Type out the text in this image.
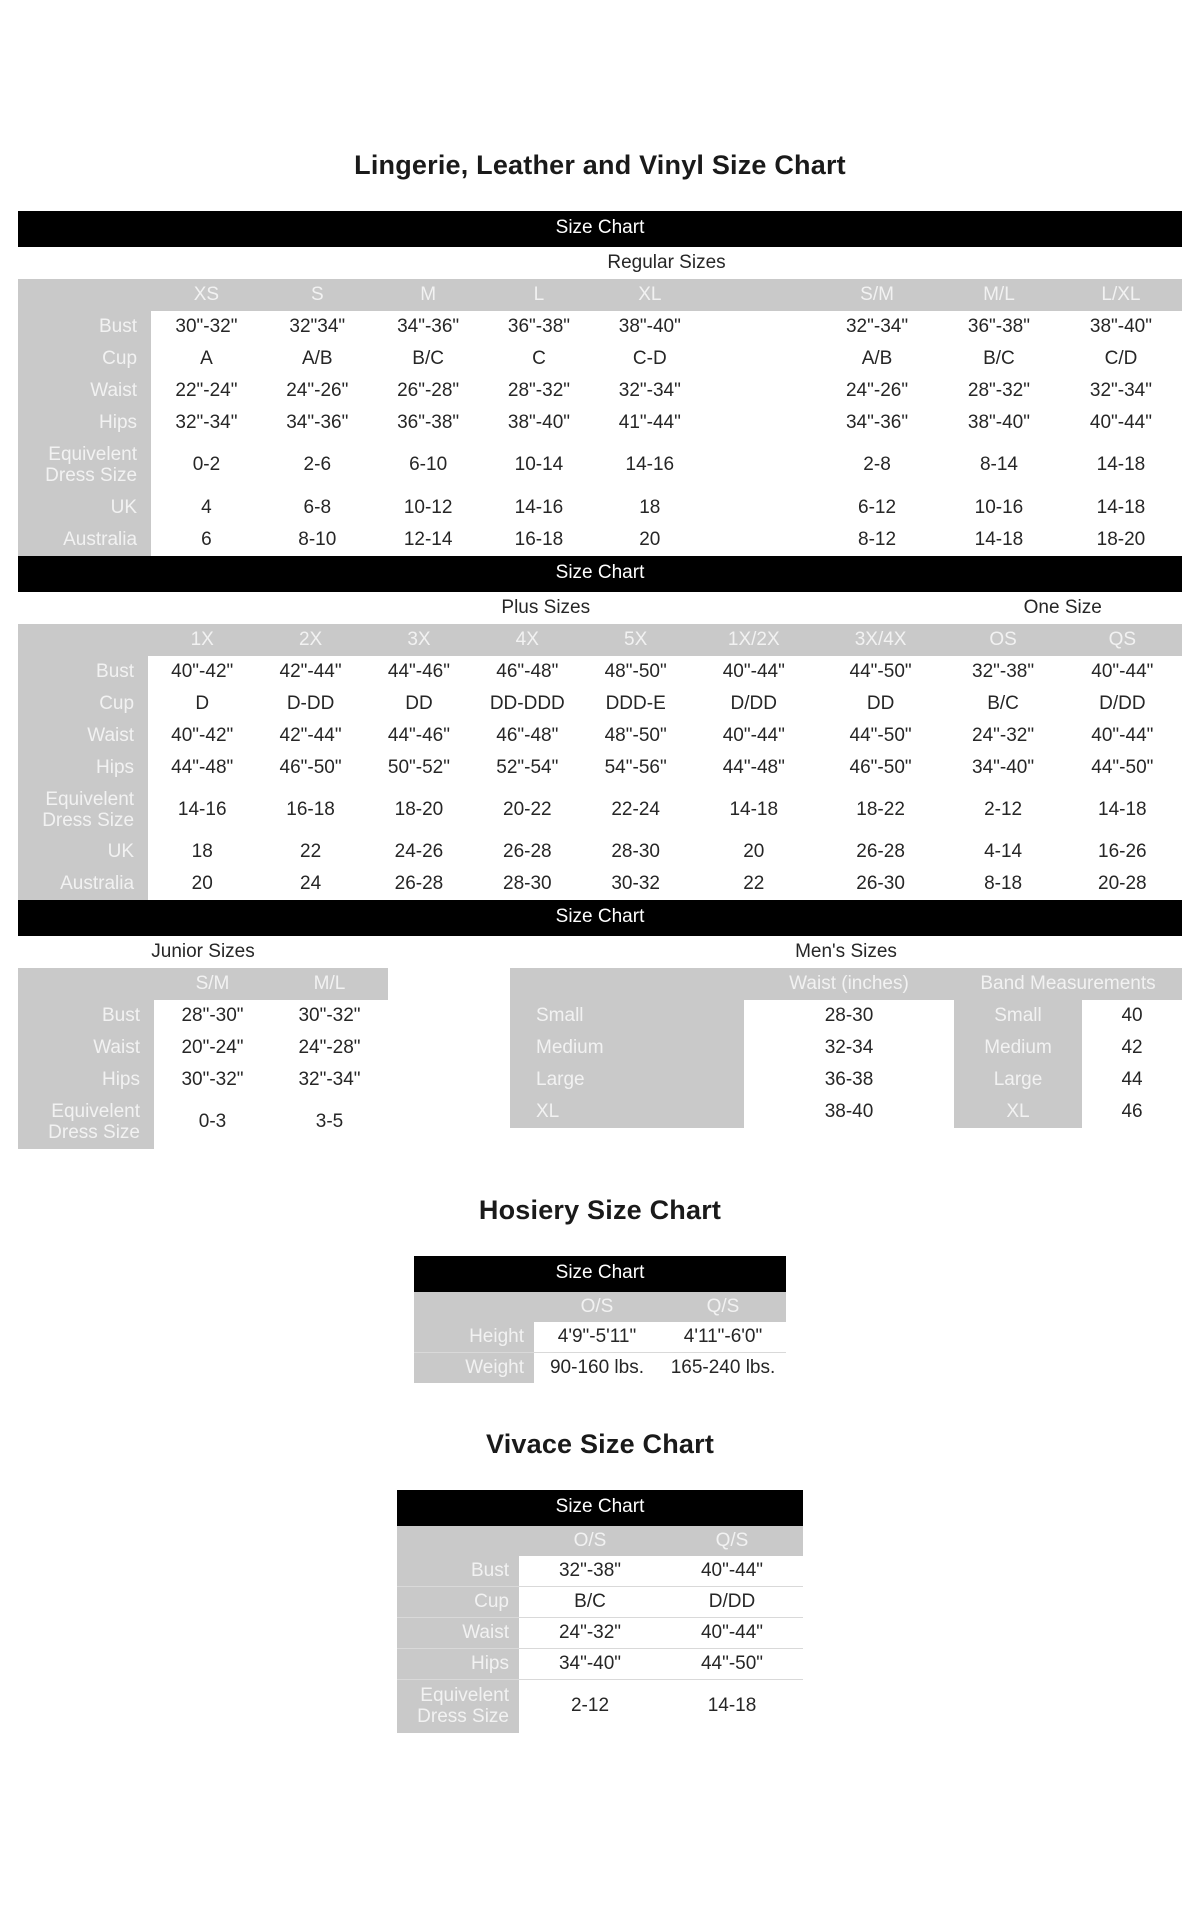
Lingerie, Leather and Vinyl Size Chart
Size Chart
	Regular Sizes								
	XS	S	M	L	XL		S/M	M/L	L/XL
Bust	30"-32"	32"34"	34"-36"	36"-38"	38"-40"		32"-34"	36"-38"	38"-40"
Cup	A	A/B	B/C	C	C-D		A/B	B/C	C/D
Waist	22"-24"	24"-26"	26"-28"	28"-32"	32"-34"		24"-26"	28"-32"	32"-34"
Hips	32"-34"	34"-36"	36"-38"	38"-40"	41"-44"		34"-36"	38"-40"	40"-44"
Equivelent Dress Size	0-2	2-6	6-10	10-14	14-16		2-8	8-14	14-18
UK	4	6-8	10-12	14-16	18		6-12	10-16	14-18
Australia	6	8-10	12-14	16-18	20		8-12	14-18	18-20
Size Chart
	Plus Sizes							One Size	
	1X	2X	3X	4X	5X	1X/2X	3X/4X	OS	QS
Bust	40"-42"	42"-44"	44"-46"	46"-48"	48"-50"	40"-44"	44"-50"	32"-38"	40"-44"
Cup	D	D-DD	DD	DD-DDD	DDD-E	D/DD	DD	B/C	D/DD
Waist	40"-42"	42"-44"	44"-46"	46"-48"	48"-50"	40"-44"	44"-50"	24"-32"	40"-44"
Hips	44"-48"	46"-50"	50"-52"	52"-54"	54"-56"	44"-48"	46"-50"	34"-40"	44"-50"
Equivelent Dress Size	14-16	16-18	18-20	20-22	22-24	14-18	18-22	2-12	14-18
UK	18	22	24-26	26-28	28-30	20	26-28	4-14	16-26
Australia	20	24	26-28	28-30	30-32	22	26-30	8-18	20-28
Size Chart
Junior Sizes		
	S/M	M/L
Bust	28"-30"	30"-32"
Waist	20"-24"	24"-28"
Hips	30"-32"	32"-34"
Equivelent Dress Size	0-3	3-5
Men's Sizes			
	Waist (inches)	Band Measurements	
Small	28-30	Small	40
Medium	32-34	Medium	42
Large	36-38	Large	44
XL	38-40	XL	46
Hosiery Size Chart
Size Chart
	O/S	Q/S
Height	4'9"-5'11"	4'11"-6'0"
Weight	90-160 lbs.	165-240 lbs.
Vivace Size Chart
Size Chart
	O/S	Q/S
Bust	32"-38"	40"-44"
Cup	B/C	D/DD
Waist	24"-32"	40"-44"
Hips	34"-40"	44"-50"
Equivelent Dress Size	2-12	14-18
